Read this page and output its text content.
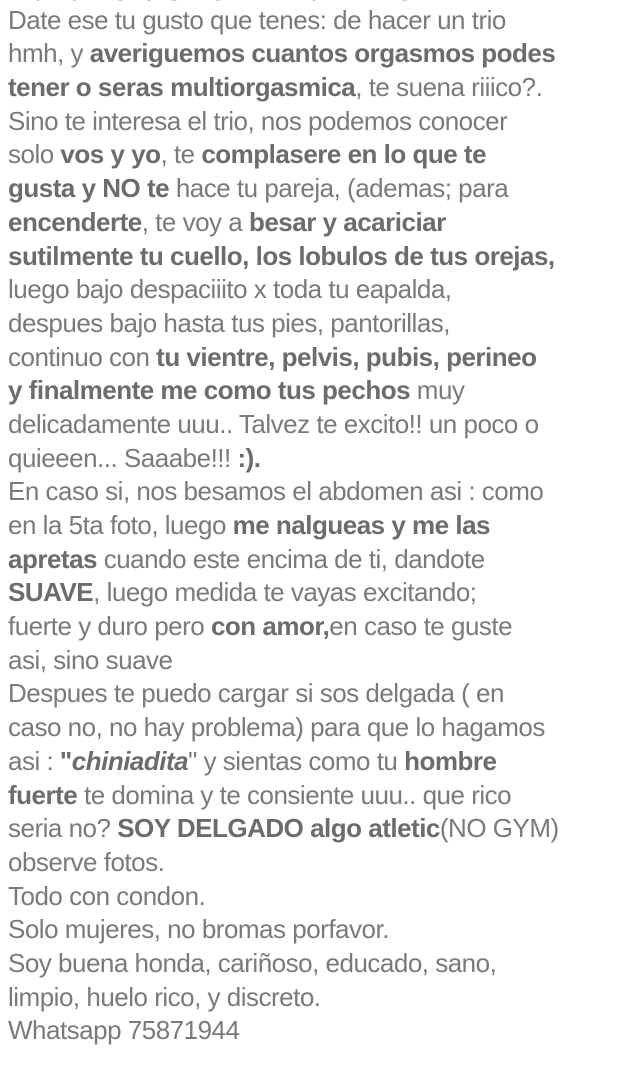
Date ese tu gusto que tenes: de hacer un trio
hmh, y averiguemos cuantos orgasmos podes
tener o seras multiorgasmica, te suena riiico?.
Sino te interesa el trio, nos podemos conocer
solo vos y yo, te complasere en lo que te
gusta y NO te hace tu pareja, (ademas; para
encenderte, te voy a besar y acariciar
sutilmente tu cuello, los lobulos de tus orejas,
luego bajo despaciiito x toda tu eapalda,
despues bajo hasta tus pies, pantorillas,
continuo con tu vientre, pelvis, pubis, perineo
y finalmente me como tus pechos muy
delicadamente uuu.. Talvez te excito!! un poco o
quieeen... Saaabe!!! :).
En caso si, nos besamos el abdomen asi : como
en la 5ta foto, luego me nalgueas y me las
apretas cuando este encima de ti, dandote
SUAVE, luego medida te vayas excitando;
fuerte y duro pero con amor,en caso te guste
asi, sino suave
Despues te puedo cargar si sos delgada ( en
caso no, no hay problema) para que lo hagamos
asi : "chiniadita" y sientas como tu hombre
fuerte te domina y te consiente uuu.. que rico
seria no? SOY DELGADO algo atletic(NO GYM)
observe fotos.
Todo con condon.
Solo mujeres, no bromas porfavor.
Soy buena honda, cariñoso, educado, sano,
limpio, huelo rico, y discreto.
Whatsapp 75871944
